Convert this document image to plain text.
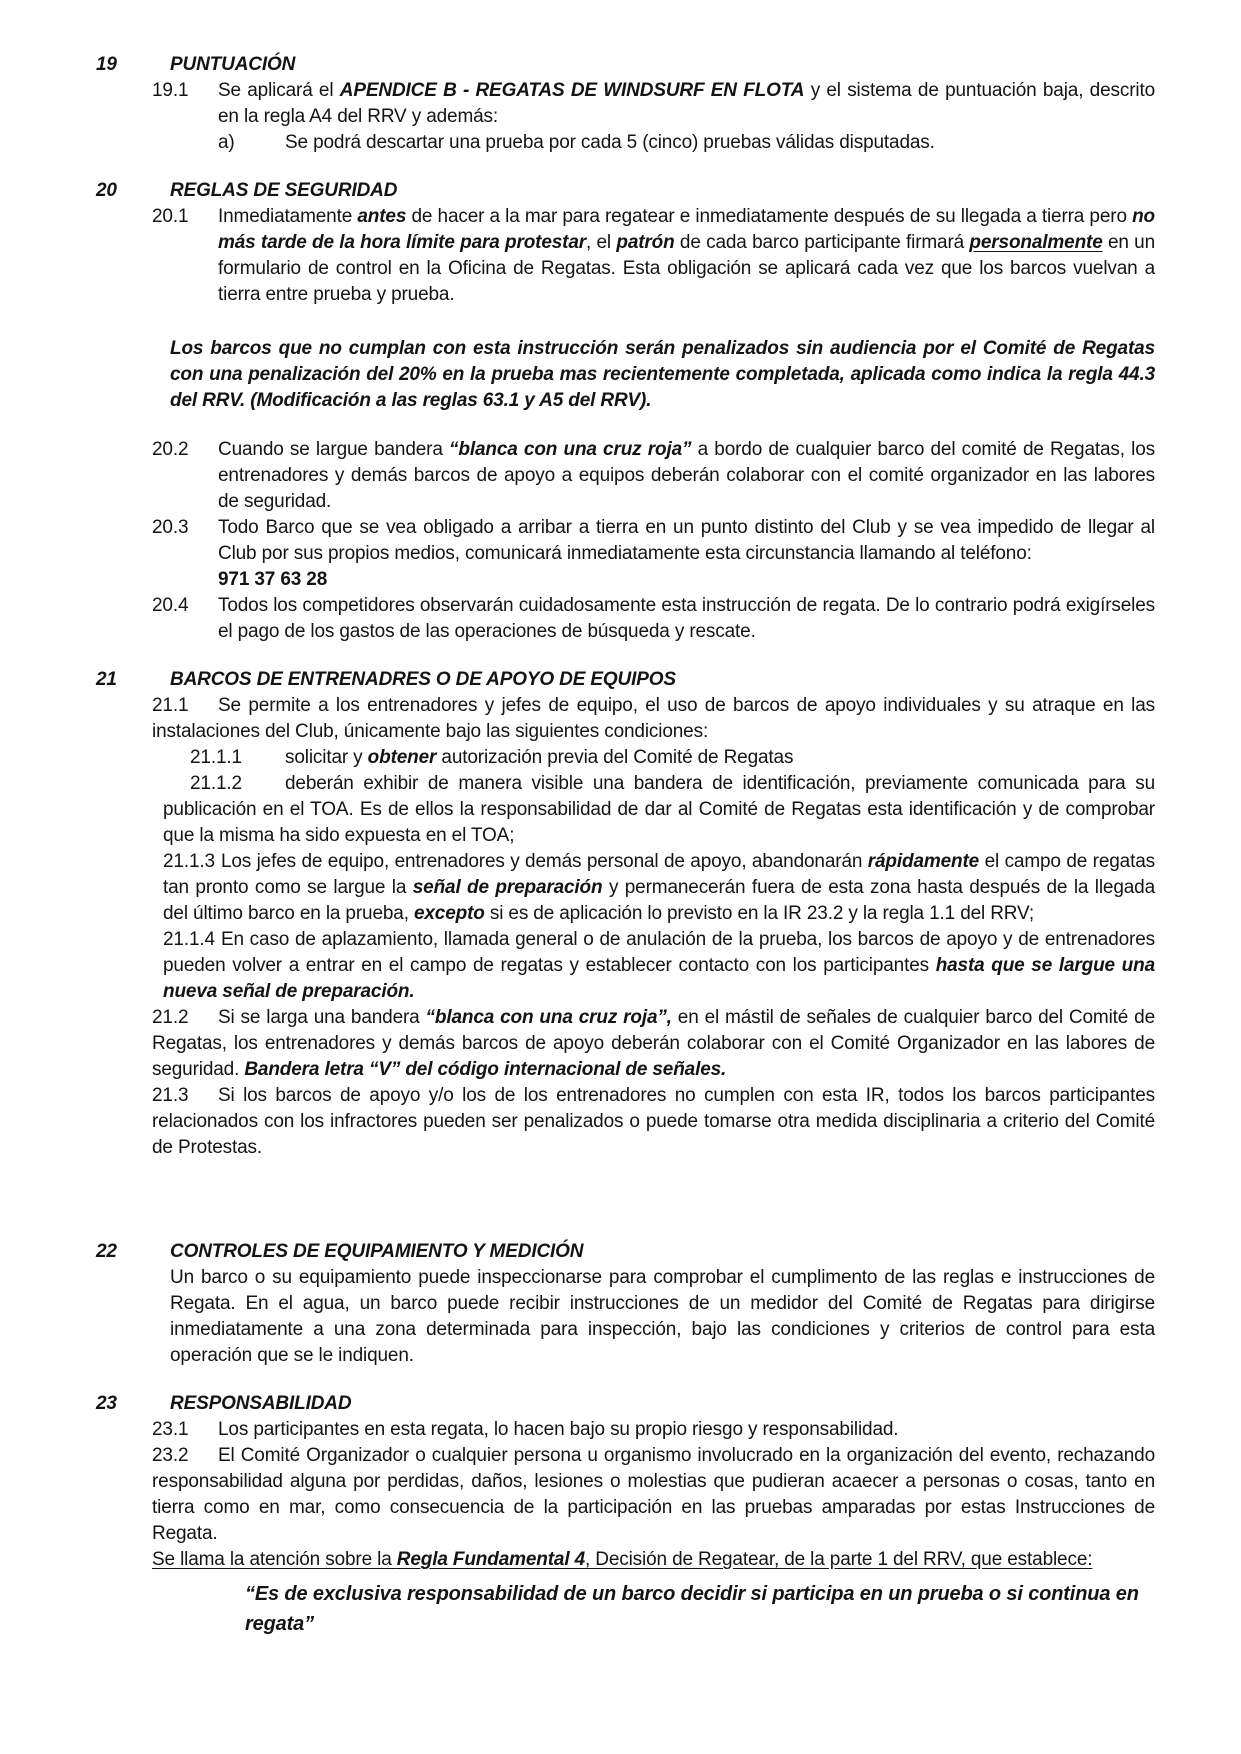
19	PUNTUACIÓN
19.1	Se aplicará el APENDICE B - REGATAS DE WINDSURF EN FLOTA y el sistema de puntuación baja, descrito en la regla A4 del RRV y además:
a)	Se podrá descartar una prueba por cada 5 (cinco) pruebas válidas disputadas.
20	REGLAS DE SEGURIDAD
20.1	Inmediatamente antes de hacer a la mar para regatear e inmediatamente después de su llegada a tierra pero no más tarde de la hora límite para protestar, el patrón de cada barco participante firmará personalmente en un formulario de control en la Oficina de Regatas. Esta obligación se aplicará cada vez que los barcos vuelvan a tierra entre prueba y prueba.

Los barcos que no cumplan con esta instrucción serán penalizados sin audiencia por el Comité de Regatas con una penalización del 20% en la prueba mas recientemente completada, aplicada como indica la regla 44.3 del RRV. (Modificación a las reglas 63.1 y A5 del RRV).

20.2	Cuando se largue bandera “blanca con una cruz roja” a bordo de cualquier barco del comité de Regatas, los entrenadores y demás barcos de apoyo a equipos deberán colaborar con el comité organizador en las labores de seguridad.
20.3	Todo Barco que se vea obligado a arribar a tierra en un punto distinto del Club y se vea impedido de llegar al Club por sus propios medios, comunicará inmediatamente esta circunstancia llamando al teléfono:
971 37 63 28
20.4	Todos los competidores observarán cuidadosamente esta instrucción de regata. De lo contrario podrá exigírseles el pago de los gastos de las operaciones de búsqueda y rescate.
21	BARCOS DE ENTRENADRES O DE APOYO DE EQUIPOS

21.1 Se permite a los entrenadores y jefes de equipo, el uso de barcos de apoyo individuales y su atraque en las instalaciones del Club, únicamente bajo las siguientes condiciones:

21.1.1 solicitar y obtener autorización previa del Comité de Regatas

21.1.2 deberán exhibir de manera visible una bandera de identificación, previamente comunicada para su publicación en el TOA. Es de ellos la responsabilidad de dar al Comité de Regatas esta identificación y de comprobar que la misma ha sido expuesta en el TOA;

21.1.3 Los jefes de equipo, entrenadores y demás personal de apoyo, abandonarán rápidamente el campo de regatas tan pronto como se largue la señal de preparación y permanecerán fuera de esta zona hasta después de la llegada del último barco en la prueba, excepto si es de aplicación lo previsto en la IR 23.2 y la regla 1.1 del RRV;

21.1.4 En caso de aplazamiento, llamada general o de anulación de la prueba, los barcos de apoyo y de entrenadores pueden volver a entrar en el campo de regatas y establecer contacto con los participantes hasta que se largue una nueva señal de preparación.

21.2 Si se larga una bandera “blanca con una cruz roja”, en el mástil de señales de cualquier barco del Comité de Regatas, los entrenadores y demás barcos de apoyo deberán colaborar con el Comité Organizador en las labores de seguridad. Bandera letra “V” del código internacional de señales.

21.3 Si los barcos de apoyo y/o los de los entrenadores no cumplen con esta IR, todos los barcos participantes relacionados con los infractores pueden ser penalizados o puede tomarse otra medida disciplinaria a criterio del Comité de Protestas.

22	CONTROLES DE EQUIPAMIENTO Y MEDICIÓN

Un barco o su equipamiento puede inspeccionarse para comprobar el cumplimento de las reglas e instrucciones de Regata. En el agua, un barco puede recibir instrucciones de un medidor del Comité de Regatas para dirigirse inmediatamente a una zona determinada para inspección, bajo las condiciones y criterios de control para esta operación que se le indiquen.

23	RESPONSABILIDAD

23.1 Los participantes en esta regata, lo hacen bajo su propio riesgo y responsabilidad.

23.2 El Comité Organizador o cualquier persona u organismo involucrado en la organización del evento, rechazando responsabilidad alguna por perdidas, daños, lesiones o molestias que pudieran acaecer a personas o cosas, tanto en tierra como en mar, como consecuencia de la participación en las pruebas amparadas por estas Instrucciones de Regata.

Se llama la atención sobre la Regla Fundamental 4, Decisión de Regatear, de la parte 1 del RRV, que establece:

“Es de exclusiva responsabilidad de un barco decidir si participa en un prueba o si continua en regata”
